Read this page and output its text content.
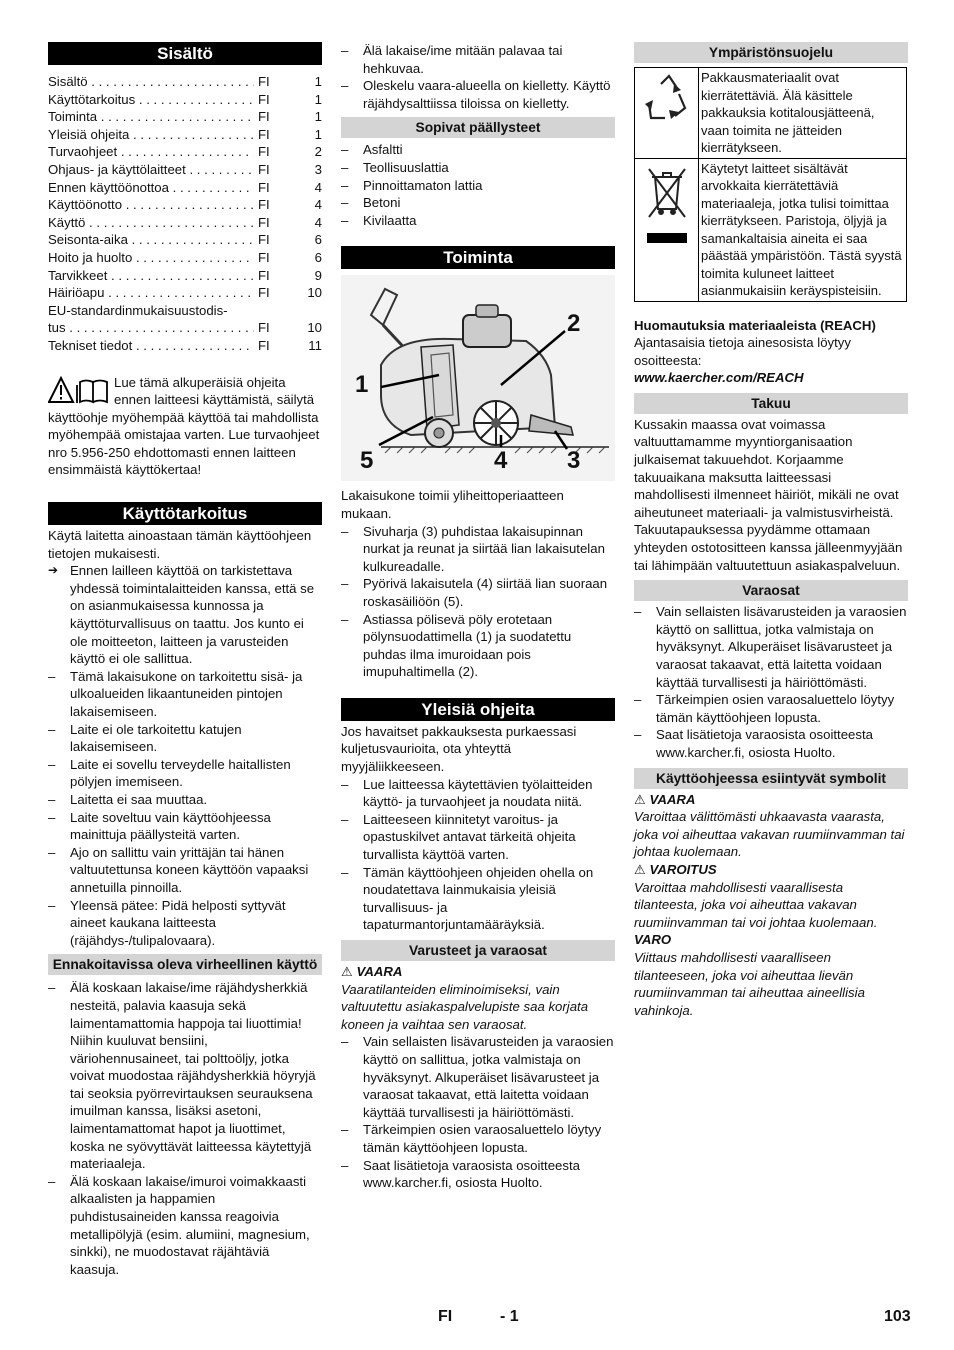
Sisältö
Sisältö . . .	FI	1
Käyttötarkoitus . . .	FI	1
Toiminta . . .	FI	1
Yleisiä ohjeita . . .	FI	1
Turvaohjeet . . .	FI	2
Ohjaus- ja käyttölaitteet . . .	FI	3
Ennen käyttöönottoa . . .	FI	4
Käyttöönotto . . .	FI	4
Käyttö . . .	FI	4
Seisonta-aika . . .	FI	6
Hoito ja huolto . . .	FI	6
Tarvikkeet . . .	FI	9
Häiriöapu . . .	FI	10
EU-standardinmukaisuustodis-
tus . . .	FI	10
Tekniset tiedot . . .	FI	11
Lue tämä alkuperäisiä ohjeita ennen laitteesi käyttämistä, säilytä käyttöohje myöhempää käyttöä tai mahdollista myöhempää omistajaa varten. Lue turvaohjeet nro 5.956-250 ehdottomasti ennen laitteen ensimmäistä käyttökertaa!
Käyttötarkoitus

Käytä laitetta ainoastaan tämän käyttöohjeen tietojen mukaisesti.

➔ Ennen lailleen käyttöä on tarkistettava yhdessä toimintalaitteiden kanssa, että se on asianmukaisessa kunnossa ja käyttöturvallisuus on taattu. Jos kunto ei ole moitteeton, laitteen ja varusteiden käyttö ei ole sallittua.

– Tämä lakaisukone on tarkoitettu sisä- ja ulkoalueiden likaantuneiden pintojen lakaisemiseen.
– Laite ei ole tarkoitettu katujen lakaisemiseen.
– Laite ei sovellu terveydelle haitallisten pölyjen imemiseen.
– Laitetta ei saa muuttaa.
– Laite soveltuu vain käyttöohjeessa mainittuja päällysteitä varten.
– Ajo on sallittu vain yrittäjän tai hänen valtuutettunsa koneen käyttöön vapaaksi annetuilla pinnoilla.
– Yleensä pätee: Pidä helposti syttyvät aineet kaukana laitteesta (räjähdys-/tulipalovaara).
Ennakoitavissa oleva virheellinen käyttö
– Älä koskaan lakaise/ime räjähdysherkkiä nesteitä, palavia kaasuja sekä laimentamattomia happoja tai liuottimia! Niihin kuuluvat bensiini, väriohennusaineet, tai polttoöljy, jotka voivat muodostaa räjähdysherkkiä höyryjä tai seoksia pyörrevirtauksen seurauksena imuilman kanssa, lisäksi asetoni, laimentamattomat hapot ja liuottimet, koska ne syövyttävät laitteessa käytettyjä materiaaleja.
– Älä koskaan lakaise/imuroi voimakkaasti alkaalisten ja happamien puhdistusaineiden kanssa reagoivia metallipölyjä (esim. alumiini, magnesium, sinkki), ne muodostavat räjähtäviä kaasuja.
– Älä lakaise/ime mitään palavaa tai hehkuvaa.
– Oleskelu vaara-alueella on kielletty. Käyttö räjähdysalttiissa tiloissa on kielletty.
Sopivat päällysteet
– Asfaltti
– Teollisuuslattia
– Pinnoittamaton lattia
– Betoni
– Kivilaatta
Toiminta
1
2
3
4
5

Lakaisukone toimii yliheittoperiaatteen mukaan.

– Sivuharja (3) puhdistaa lakaisupinnan nurkat ja reunat ja siirtää lian lakaisutelan kulkureadalle.
– Pyörivä lakaisutela (4) siirtää lian suoraan roskasäiliöön (5).
– Astiassa pölisevä pöly erotetaan pölynsuodattimella (1) ja suodatettu puhdas ilma imuroidaan pois imupuhaltimella (2).
Yleisiä ohjeita

Jos havaitset pakkauksesta purkaessasi kuljetusvaurioita, ota yhteyttä myyjäliikkeeseen.

– Lue laitteessa käytettävien työlaitteiden käyttö- ja turvaohjeet ja noudata niitä.
– Laitteeseen kiinnitetyt varoitus- ja opastuskilvet antavat tärkeitä ohjeita turvallista käyttöä varten.
– Tämän käyttöohjeen ohjeiden ohella on noudatettava lainmukaisia yleisiä turvallisuus- ja tapaturmantorjuntamääräyksiä.
Varusteet ja varaosat

⚠ VAARA

Vaaratilanteiden eliminoimiseksi, vain valtuutettu asiakaspalvelupiste saa korjata koneen ja vaihtaa sen varaosat.

– Vain sellaisten lisävarusteiden ja varaosien käyttö on sallittua, jotka valmistaja on hyväksynyt. Alkuperäiset lisävarusteet ja varaosat takaavat, että laitetta voidaan käyttää turvallisesti ja häiriöttömästi.
– Tärkeimpien osien varaosaluettelo löytyy tämän käyttöohjeen lopusta.
– Saat lisätietoja varaosista osoitteesta www.karcher.fi, osiosta Huolto.
Ympäristönsuojelu
	Pakkausmateriaalit ovat kierrätettäviä. Älä käsittele pakkauksia kotitalousjätteenä, vaan toimita ne jätteiden kierrätykseen.
	Käytetyt laitteet sisältävät arvokkaita kierrätettäviä materiaaleja, jotka tulisi toimittaa kierrätykseen. Paristoja, öljyjä ja samankaltaisia aineita ei saa päästää ympäristöön. Tästä syystä toimita kuluneet laitteet asianmukaisiin keräyspisteisiin.

Huomautuksia materiaaleista (REACH)

Ajantasaisia tietoja ainesosista löytyy osoitteesta:

www.kaercher.com/REACH

Takuu

Kussakin maassa ovat voimassa valtuuttamamme myyntiorganisaation julkaisemat takuuehdot. Korjaamme takuuaikana maksutta laitteessasi mahdollisesti ilmenneet häiriöt, mikäli ne ovat aiheutuneet materiaali- ja valmistusvirheistä. Takuutapauksessa pyydämme ottamaan yhteyden ostotositteen kanssa jälleenmyyjään tai lähimpään valtuutettuun asiakaspalveluun.

Varaosat
– Vain sellaisten lisävarusteiden ja varaosien käyttö on sallittua, jotka valmistaja on hyväksynyt. Alkuperäiset lisävarusteet ja varaosat takaavat, että laitetta voidaan käyttää turvallisesti ja häiriöttömästi.
– Tärkeimpien osien varaosaluettelo löytyy tämän käyttöohjeen lopusta.
– Saat lisätietoja varaosista osoitteesta www.karcher.fi, osiosta Huolto.
Käyttöohjeessa esiintyvät symbolit

⚠ VAARA

Varoittaa välittömästi uhkaavasta vaarasta, joka voi aiheuttaa vakavan ruumiinvamman tai johtaa kuolemaan.

⚠ VAROITUS

Varoittaa mahdollisesti vaarallisesta tilanteesta, joka voi aiheuttaa vakavan ruumiinvamman tai voi johtaa kuolemaan.

VARO

Viittaus mahdollisesti vaaralliseen tilanteeseen, joka voi aiheuttaa lievän ruumiinvamman tai aiheuttaa aineellisia vahinkoja.

FI	- 1	103
